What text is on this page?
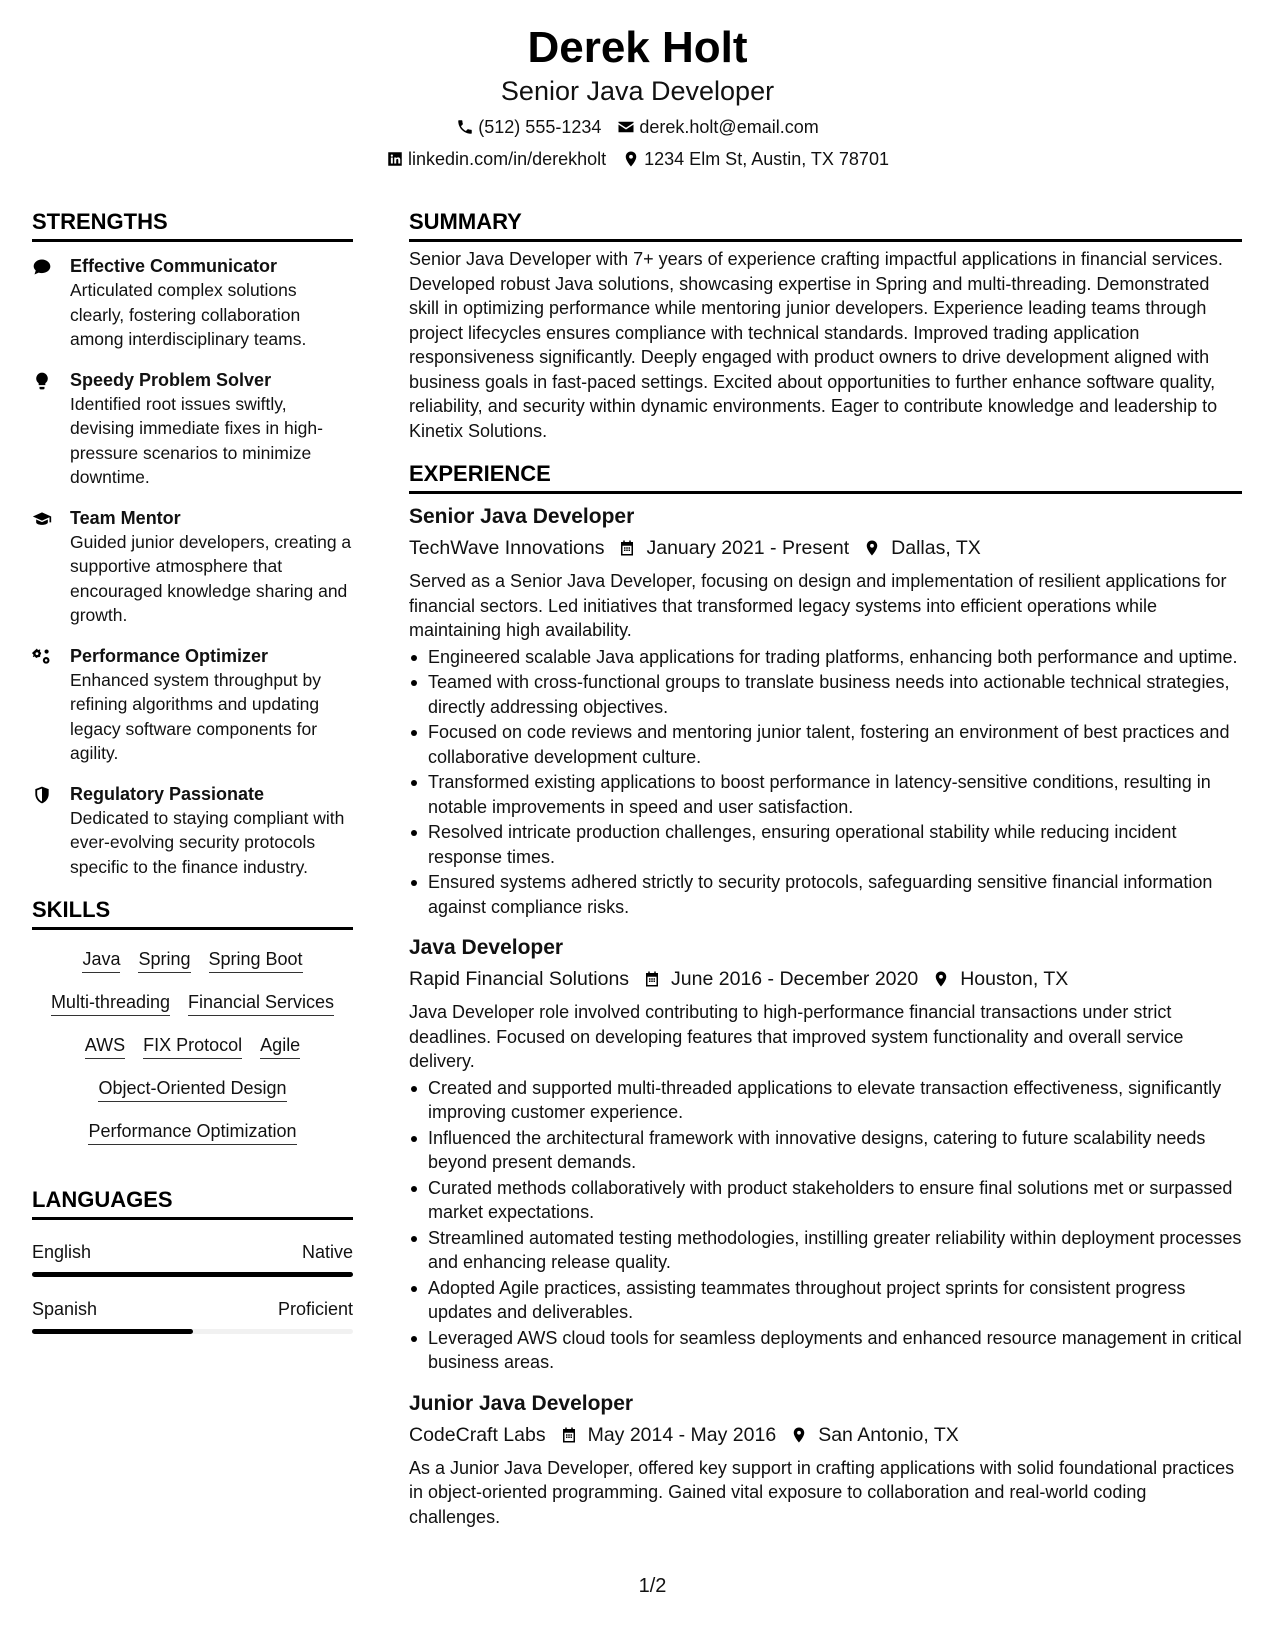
Derek Holt
Senior Java Developer
(512) 555-1234 derek.holt@email.com
linkedin.com/in/derekholt 1234 Elm St, Austin, TX 78701
STRENGTHS
Effective Communicator
Articulated complex solutions clearly, fostering collaboration among interdisciplinary teams.
Speedy Problem Solver
Identified root issues swiftly, devising immediate fixes in high-pressure scenarios to minimize downtime.
Team Mentor
Guided junior developers, creating a supportive atmosphere that encouraged knowledge sharing and growth.
Performance Optimizer
Enhanced system throughput by refining algorithms and updating legacy software components for agility.
Regulatory Passionate
Dedicated to staying compliant with ever-evolving security protocols specific to the finance industry.
SKILLS
Java Spring Spring Boot
Multi-threading Financial Services
AWS FIX Protocol Agile
Object-Oriented Design
Performance Optimization
LANGUAGES
English	Native
Spanish	Proficient
SUMMARY
Senior Java Developer with 7+ years of experience crafting impactful applications in financial services. Developed robust Java solutions, showcasing expertise in Spring and multi-threading. Demonstrated skill in optimizing performance while mentoring junior developers. Experience leading teams through project lifecycles ensures compliance with technical standards. Improved trading application responsiveness significantly. Deeply engaged with product owners to drive development aligned with business goals in fast-paced settings. Excited about opportunities to further enhance software quality, reliability, and security within dynamic environments. Eager to contribute knowledge and leadership to Kinetix Solutions.
EXPERIENCE
Senior Java Developer
TechWave Innovations January 2021 - Present Dallas, TX
Served as a Senior Java Developer, focusing on design and implementation of resilient applications for financial sectors. Led initiatives that transformed legacy systems into efficient operations while maintaining high availability.
Engineered scalable Java applications for trading platforms, enhancing both performance and uptime.
Teamed with cross-functional groups to translate business needs into actionable technical strategies, directly addressing objectives.
Focused on code reviews and mentoring junior talent, fostering an environment of best practices and collaborative development culture.
Transformed existing applications to boost performance in latency-sensitive conditions, resulting in notable improvements in speed and user satisfaction.
Resolved intricate production challenges, ensuring operational stability while reducing incident response times.
Ensured systems adhered strictly to security protocols, safeguarding sensitive financial information against compliance risks.
Java Developer
Rapid Financial Solutions June 2016 - December 2020 Houston, TX
Java Developer role involved contributing to high-performance financial transactions under strict deadlines. Focused on developing features that improved system functionality and overall service delivery.
Created and supported multi-threaded applications to elevate transaction effectiveness, significantly improving customer experience.
Influenced the architectural framework with innovative designs, catering to future scalability needs beyond present demands.
Curated methods collaboratively with product stakeholders to ensure final solutions met or surpassed market expectations.
Streamlined automated testing methodologies, instilling greater reliability within deployment processes and enhancing release quality.
Adopted Agile practices, assisting teammates throughout project sprints for consistent progress updates and deliverables.
Leveraged AWS cloud tools for seamless deployments and enhanced resource management in critical business areas.
Junior Java Developer
CodeCraft Labs May 2014 - May 2016 San Antonio, TX
As a Junior Java Developer, offered key support in crafting applications with solid foundational practices in object-oriented programming. Gained vital exposure to collaboration and real-world coding challenges.
1/2
